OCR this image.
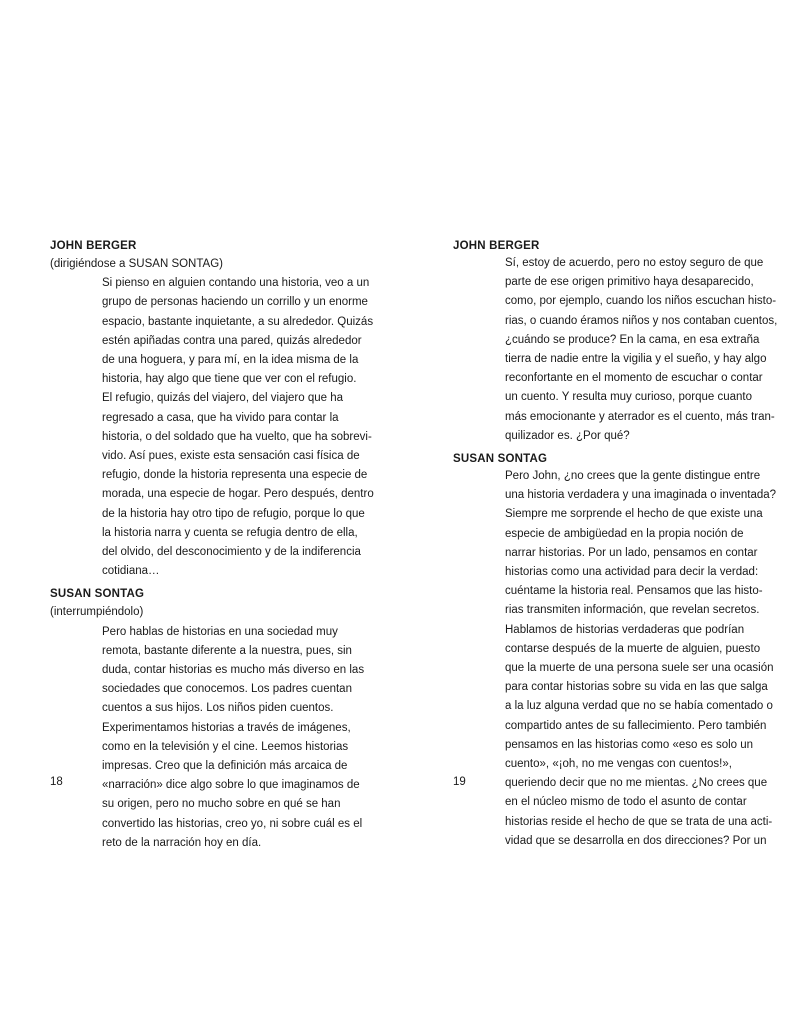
JOHN BERGER
(dirigiéndose a SUSAN SONTAG)
Si pienso en alguien contando una historia, veo a un
grupo de personas haciendo un corrillo y un enorme
espacio, bastante inquietante, a su alrededor. Quizás
estén apiñadas contra una pared, quizás alrededor
de una hoguera, y para mí, en la idea misma de la
historia, hay algo que tiene que ver con el refugio.
El refugio, quizás del viajero, del viajero que ha
regresado a casa, que ha vivido para contar la
historia, o del soldado que ha vuelto, que ha sobrevi-
vido. Así pues, existe esta sensación casi física de
refugio, donde la historia representa una especie de
morada, una especie de hogar. Pero después, dentro
de la historia hay otro tipo de refugio, porque lo que
la historia narra y cuenta se refugia dentro de ella,
del olvido, del desconocimiento y de la indiferencia
cotidiana…
SUSAN SONTAG
(interrumpiéndolo)
Pero hablas de historias en una sociedad muy
remota, bastante diferente a la nuestra, pues, sin
duda, contar historias es mucho más diverso en las
sociedades que conocemos. Los padres cuentan
cuentos a sus hijos. Los niños piden cuentos.
Experimentamos historias a través de imágenes,
como en la televisión y el cine. Leemos historias
impresas. Creo que la definición más arcaica de
«narración» dice algo sobre lo que imaginamos de
su origen, pero no mucho sobre en qué se han
convertido las historias, creo yo, ni sobre cuál es el
reto de la narración hoy en día.
JOHN BERGER
Sí, estoy de acuerdo, pero no estoy seguro de que
parte de ese origen primitivo haya desaparecido,
como, por ejemplo, cuando los niños escuchan histo-
rias, o cuando éramos niños y nos contaban cuentos,
¿cuándo se produce? En la cama, en esa extraña
tierra de nadie entre la vigilia y el sueño, y hay algo
reconfortante en el momento de escuchar o contar
un cuento. Y resulta muy curioso, porque cuanto
más emocionante y aterrador es el cuento, más tran-
quilizador es. ¿Por qué?
SUSAN SONTAG
Pero John, ¿no crees que la gente distingue entre
una historia verdadera y una imaginada o inventada?
Siempre me sorprende el hecho de que existe una
especie de ambigüedad en la propia noción de
narrar historias. Por un lado, pensamos en contar
historias como una actividad para decir la verdad:
cuéntame la historia real. Pensamos que las histo-
rias transmiten información, que revelan secretos.
Hablamos de historias verdaderas que podrían
contarse después de la muerte de alguien, puesto
que la muerte de una persona suele ser una ocasión
para contar historias sobre su vida en las que salga
a la luz alguna verdad que no se había comentado o
compartido antes de su fallecimiento. Pero también
pensamos en las historias como «eso es solo un
cuento», «¡oh, no me vengas con cuentos!»,
queriendo decir que no me mientas. ¿No crees que
en el núcleo mismo de todo el asunto de contar
historias reside el hecho de que se trata de una acti-
vidad que se desarrolla en dos direcciones? Por un
18	19
